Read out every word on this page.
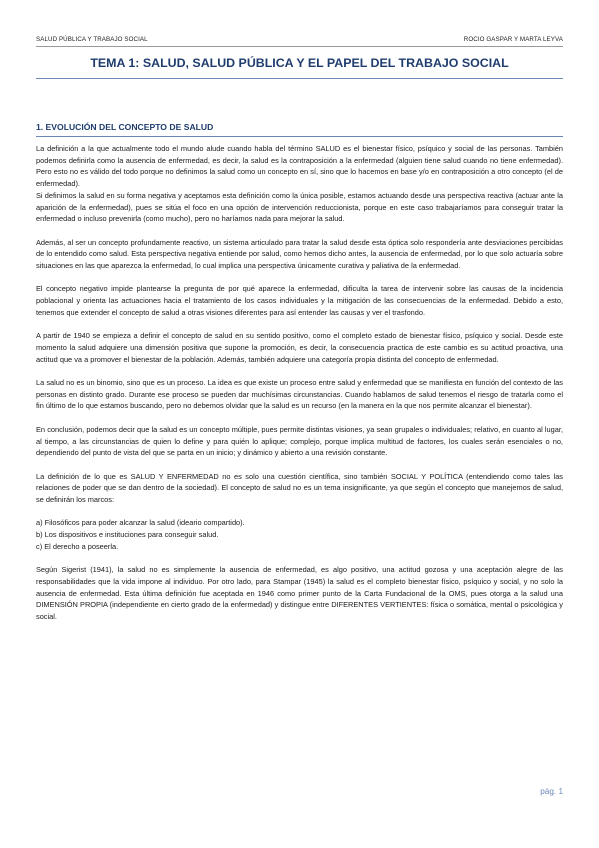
SALUD PÚBLICA Y TRABAJO SOCIAL	ROCIO GASPAR Y MARTA LEYVA
TEMA 1: SALUD, SALUD PÚBLICA Y EL PAPEL DEL TRABAJO SOCIAL
1. EVOLUCIÓN DEL CONCEPTO DE SALUD

La definición a la que actualmente todo el mundo alude cuando habla del término SALUD es el bienestar físico, psíquico y social de las personas. También podemos definirla como la ausencia de enfermedad, es decir, la salud es la contraposición a la enfermedad (alguien tiene salud cuando no tiene enfermedad). Pero esto no es válido del todo porque no definimos la salud como un concepto en sí, sino que lo hacemos en base y/o en contraposición a otro concepto (el de enfermedad).

Si definimos la salud en su forma negativa y aceptamos esta definición como la única posible, estamos actuando desde una perspectiva reactiva (actuar ante la aparición de la enfermedad), pues se sitúa el foco en una opción de intervención reduccionista, porque en este caso trabajaríamos para conseguir tratar la enfermedad o incluso prevenirla (como mucho), pero no haríamos nada para mejorar la salud.

Además, al ser un concepto profundamente reactivo, un sistema articulado para tratar la salud desde esta óptica solo respondería ante desviaciones percibidas de lo entendido como salud. Esta perspectiva negativa entiende por salud, como hemos dicho antes, la ausencia de enfermedad, por lo que solo actuaría sobre situaciones en las que aparezca la enfermedad, lo cual implica una perspectiva únicamente curativa y paliativa de la enfermedad.

El concepto negativo impide plantearse la pregunta de por qué aparece la enfermedad, dificulta la tarea de intervenir sobre las causas de la incidencia poblacional y orienta las actuaciones hacia el tratamiento de los casos individuales y la mitigación de las consecuencias de la enfermedad. Debido a esto, tenemos que extender el concepto de salud a otras visiones diferentes para así entender las causas y ver el trasfondo.

A partir de 1940 se empieza a definir el concepto de salud en su sentido positivo, como el completo estado de bienestar físico, psíquico y social. Desde este momento la salud adquiere una dimensión positiva que supone la promoción, es decir, la consecuencia practica de este cambio es su actitud proactiva, una actitud que va a promover el bienestar de la población. Además, también adquiere una categoría propia distinta del concepto de enfermedad.

La salud no es un binomio, sino que es un proceso. La idea es que existe un proceso entre salud y enfermedad que se manifiesta en función del contexto de las personas en distinto grado. Durante ese proceso se pueden dar muchísimas circunstancias. Cuando hablamos de salud tenemos el riesgo de tratarla como el fin último de lo que estamos buscando, pero no debemos olvidar que la salud es un recurso (en la manera en la que nos permite alcanzar el bienestar).

En conclusión, podemos decir que la salud es un concepto múltiple, pues permite distintas visiones, ya sean grupales o individuales; relativo, en cuanto al lugar, al tiempo, a las circunstancias de quien lo define y para quién lo aplique; complejo, porque implica multitud de factores, los cuales serán esenciales o no, dependiendo del punto de vista del que se parta en un inicio; y dinámico y abierto a una revisión constante.

La definición de lo que es SALUD Y ENFERMEDAD no es solo una cuestión científica, sino también SOCIAL Y POLÍTICA (entendiendo como tales las relaciones de poder que se dan dentro de la sociedad). El concepto de salud no es un tema insignificante, ya que según el concepto que manejemos de salud, se definirán los marcos:

a) Filosóficos para poder alcanzar la salud (ideario compartido).
b) Los dispositivos e instituciones para conseguir salud.
c) El derecho a poseerla.

Según Sigerist (1941), la salud no es simplemente la ausencia de enfermedad, es algo positivo, una actitud gozosa y una aceptación alegre de las responsabilidades que la vida impone al individuo. Por otro lado, para Stampar (1945) la salud es el completo bienestar físico, psíquico y social, y no solo la ausencia de enfermedad. Esta última definición fue aceptada en 1946 como primer punto de la Carta Fundacional de la OMS, pues otorga a la salud una DIMENSIÓN PROPIA (independiente en cierto grado de la enfermedad) y distingue entre DIFERENTES VERTIENTES: física o somática, mental o psicológica y social.

pág. 1
